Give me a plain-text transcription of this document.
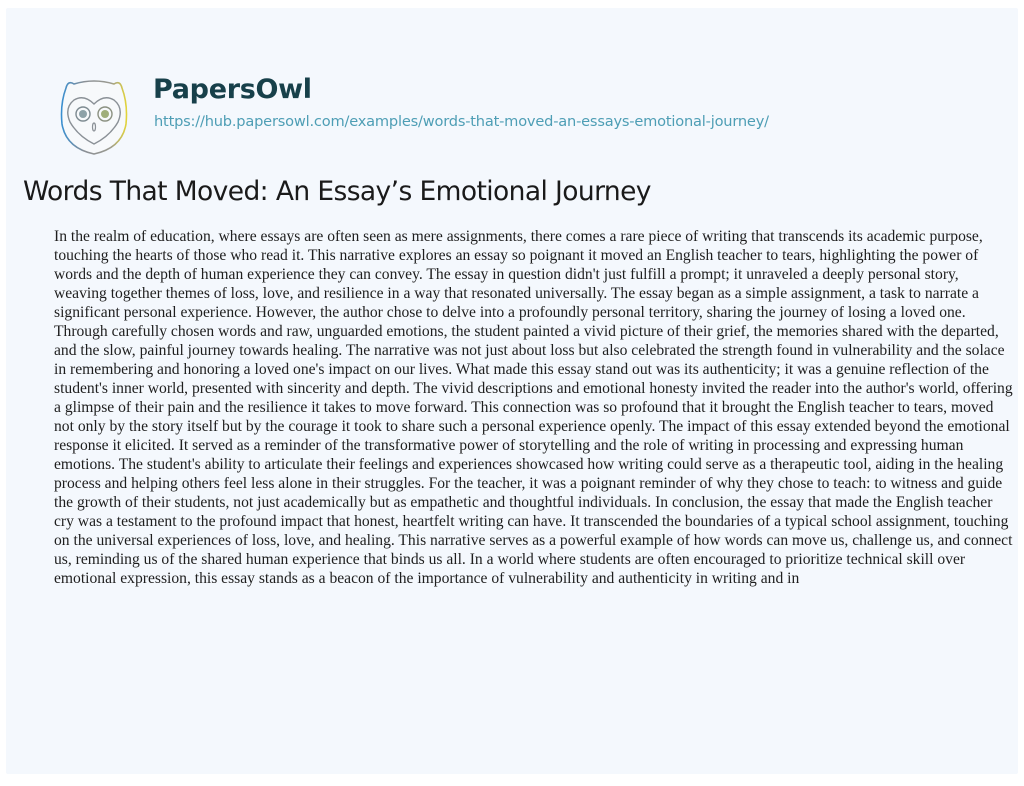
PapersOwl
https://hub.papersowl.com/examples/words-that-moved-an-essays-emotional-journey/
Words That Moved: An Essay’s Emotional Journey

In the realm of education, where essays are often seen as mere assignments, there comes a rare piece of writing that transcends its academic purpose, touching the hearts of those who read it. This narrative explores an essay so poignant it moved an English teacher to tears, highlighting the power of words and the depth of human experience they can convey. The essay in question didn't just fulfill a prompt; it unraveled a deeply personal story, weaving together themes of loss, love, and resilience in a way that resonated universally. The essay began as a simple assignment, a task to narrate a significant personal experience. However, the author chose to delve into a profoundly personal territory, sharing the journey of losing a loved one. Through carefully chosen words and raw, unguarded emotions, the student painted a vivid picture of their grief, the memories shared with the departed, and the slow, painful journey towards healing. The narrative was not just about loss but also celebrated the strength found in vulnerability and the solace in remembering and honoring a loved one's impact on our lives. What made this essay stand out was its authenticity; it was a genuine reflection of the student's inner world, presented with sincerity and depth. The vivid descriptions and emotional honesty invited the reader into the author's world, offering a glimpse of their pain and the resilience it takes to move forward. This connection was so profound that it brought the English teacher to tears, moved not only by the story itself but by the courage it took to share such a personal experience openly. The impact of this essay extended beyond the emotional response it elicited. It served as a reminder of the transformative power of storytelling and the role of writing in processing and expressing human emotions. The student's ability to articulate their feelings and experiences showcased how writing could serve as a therapeutic tool, aiding in the healing process and helping others feel less alone in their struggles. For the teacher, it was a poignant reminder of why they chose to teach: to witness and guide the growth of their students, not just academically but as empathetic and thoughtful individuals. In conclusion, the essay that made the English teacher cry was a testament to the profound impact that honest, heartfelt writing can have. It transcended the boundaries of a typical school assignment, touching on the universal experiences of loss, love, and healing. This narrative serves as a powerful example of how words can move us, challenge us, and connect us, reminding us of the shared human experience that binds us all. In a world where students are often encouraged to prioritize technical skill over emotional expression, this essay stands as a beacon of the importance of vulnerability and authenticity in writing and in
